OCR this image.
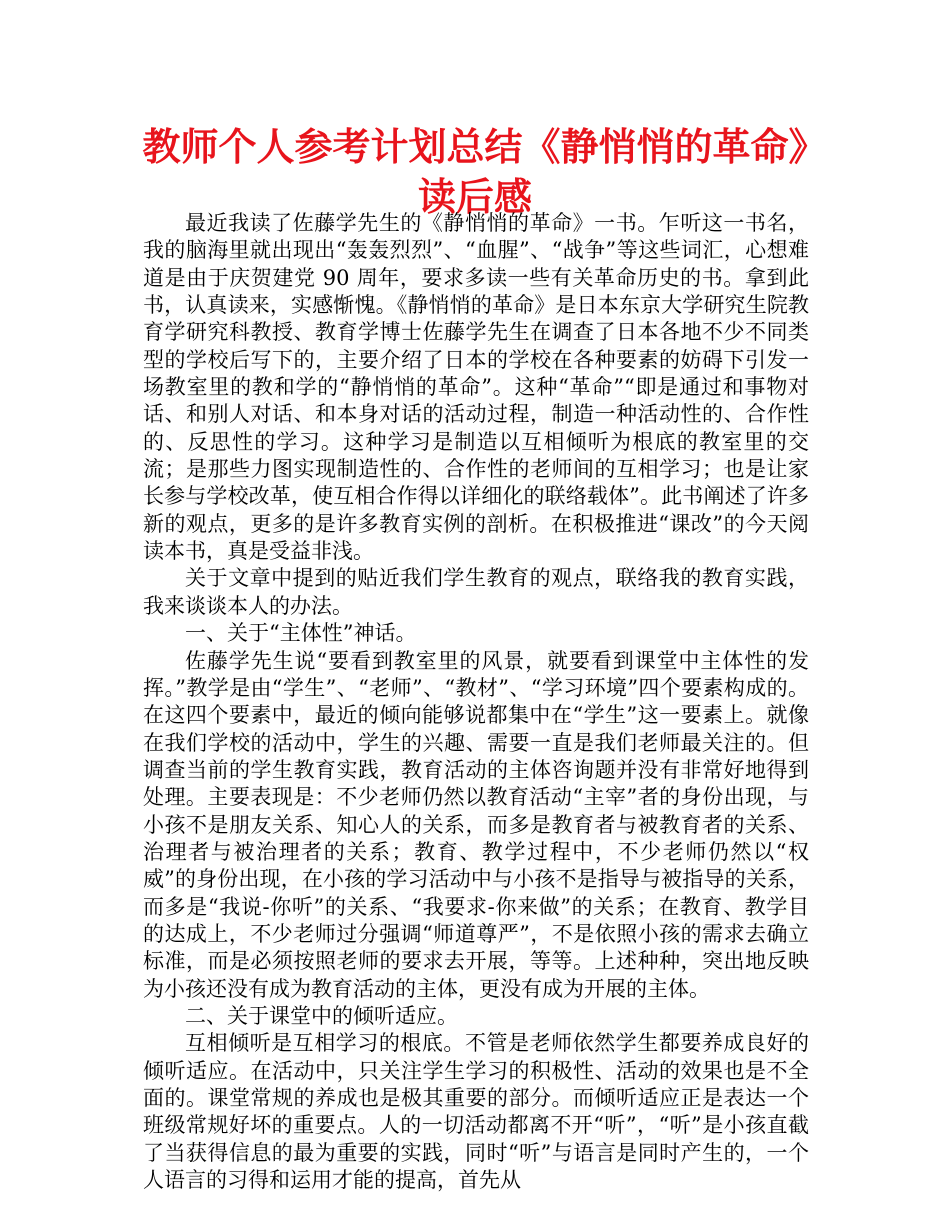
教师个人参考计划总结《静悄悄的革命》读后感

最近我读了佐藤学先生的《静悄悄的革命》一书。乍听这一书名，我的脑海里就出现出“轰轰烈烈”、“血腥”、“战争”等这些词汇，心想难道是由于庆贺建党 90 周年，要求多读一些有关革命历史的书。拿到此书，认真读来，实感惭愧。《静悄悄的革命》是日本东京大学研究生院教育学研究科教授、教育学博士佐藤学先生在调查了日本各地不少不同类型的学校后写下的，主要介绍了日本的学校在各种要素的妨碍下引发一场教室里的教和学的“静悄悄的革命”。这种“革命”“即是通过和事物对话、和别人对话、和本身对话的活动过程，制造一种活动性的、合作性的、反思性的学习。这种学习是制造以互相倾听为根底的教室里的交流；是那些力图实现制造性的、合作性的老师间的互相学习；也是让家长参与学校改革，使互相合作得以详细化的联络载体”。此书阐述了许多新的观点，更多的是许多教育实例的剖析。在积极推进“课改”的今天阅读本书，真是受益非浅。

关于文章中提到的贴近我们学生教育的观点，联络我的教育实践，我来谈谈本人的办法。

一、关于“主体性”神话。

佐藤学先生说“要看到教室里的风景，就要看到课堂中主体性的发挥。”教学是由“学生”、“老师”、“教材”、“学习环境”四个要素构成的。在这四个要素中，最近的倾向能够说都集中在“学生”这一要素上。就像在我们学校的活动中，学生的兴趣、需要一直是我们老师最关注的。但调查当前的学生教育实践，教育活动的主体咨询题并没有非常好地得到处理。主要表现是：不少老师仍然以教育活动“主宰”者的身份出现，与小孩不是朋友关系、知心人的关系，而多是教育者与被教育者的关系、治理者与被治理者的关系；教育、教学过程中，不少老师仍然以“权威”的身份出现，在小孩的学习活动中与小孩不是指导与被指导的关系，而多是“我说-你听”的关系、“我要求-你来做”的关系；在教育、教学目的达成上，不少老师过分强调“师道尊严”，不是依照小孩的需求去确立标准，而是必须按照老师的要求去开展，等等。上述种种，突出地反映为小孩还没有成为教育活动的主体，更没有成为开展的主体。

二、关于课堂中的倾听适应。

互相倾听是互相学习的根底。不管是老师依然学生都要养成良好的倾听适应。在活动中，只关注学生学习的积极性、活动的效果也是不全面的。课堂常规的养成也是极其重要的部分。而倾听适应正是表达一个班级常规好坏的重要点。人的一切活动都离不开“听”，“听”是小孩直截了当获得信息的最为重要的实践，同时“听”与语言是同时产生的，一个人语言的习得和运用才能的提高，首先从
